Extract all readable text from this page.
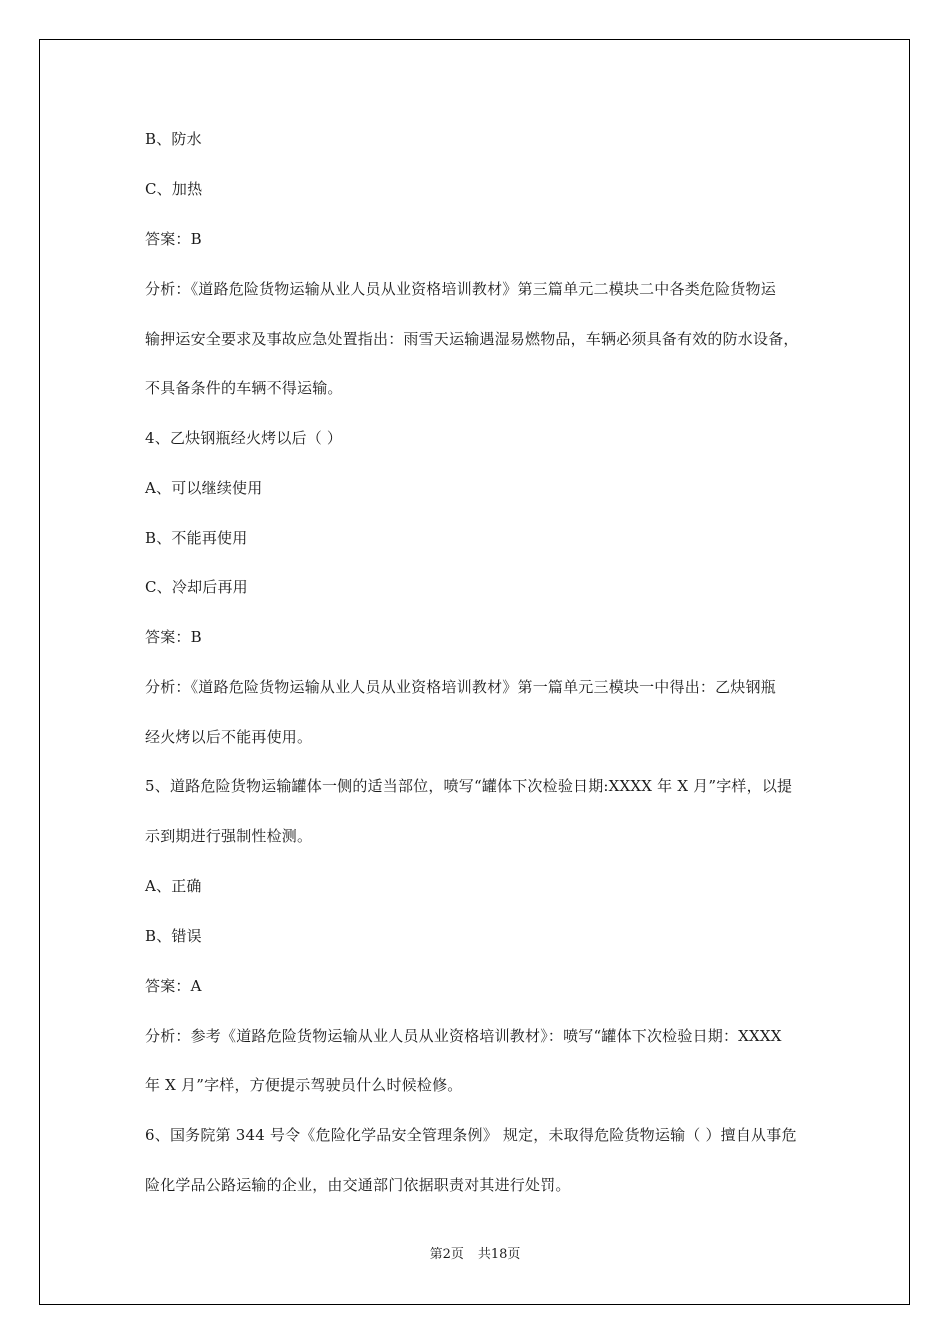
B、防水
C、加热
答案：B
分析：《道路危险货物运输从业人员从业资格培训教材》第三篇单元二模块二中各类危险货物运
输押运安全要求及事故应急处置指出：雨雪天运输遇湿易燃物品，车辆必须具备有效的防水设备，
不具备条件的车辆不得运输。
4、乙炔钢瓶经火烤以后（ ）
A、可以继续使用
B、不能再使用
C、冷却后再用
答案：B
分析：《道路危险货物运输从业人员从业资格培训教材》第一篇单元三模块一中得出：乙炔钢瓶
经火烤以后不能再使用。
5、道路危险货物运输罐体一侧的适当部位，喷写“罐体下次检验日期:XXXX 年 X 月”字样，以提
示到期进行强制性检测。
A、正确
B、错误
答案：A
分析：参考《道路危险货物运输从业人员从业资格培训教材》：喷写“罐体下次检验日期：XXXX
年 X 月”字样，方便提示驾驶员什么时候检修。
6、国务院第 344 号令《危险化学品安全管理条例》 规定，未取得危险货物运输（ ）擅自从事危
险化学品公路运输的企业，由交通部门依据职责对其进行处罚。
第2页 共18页
